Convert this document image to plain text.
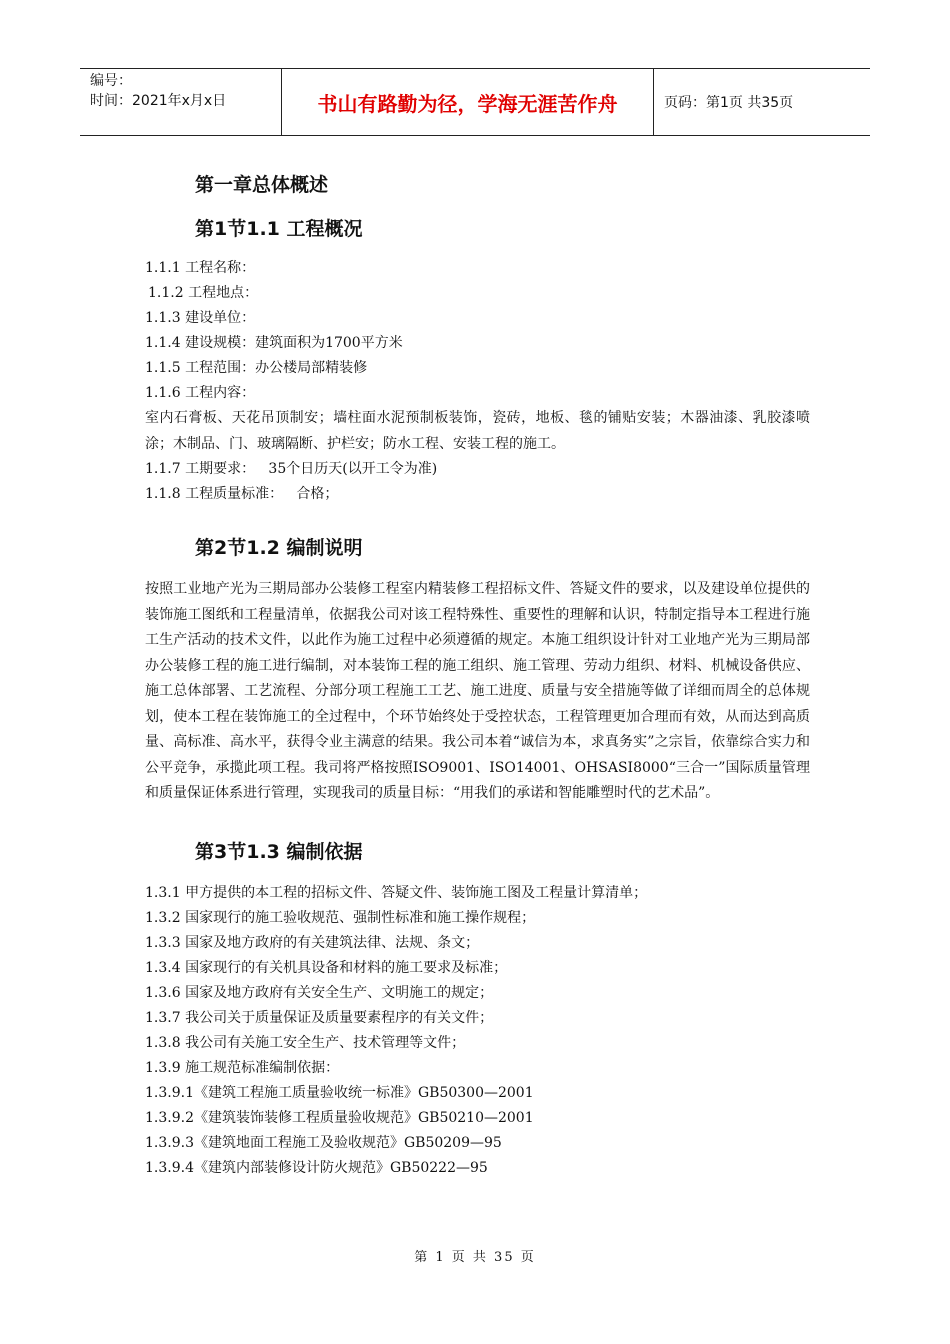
编号：
时间：2021年x月x日	书山有路勤为径，学海无涯苦作舟	页码：第1页 共35页
第一章总体概述
第1节1.1 工程概况
1.1.1 工程名称：
1.1.2 工程地点：
1.1.3 建设单位：
1.1.4 建设规模：建筑面积为1700平方米
1.1.5 工程范围：办公楼局部精装修
1.1.6 工程内容：
室内石膏板、天花吊顶制安；墙柱面水泥预制板装饰，瓷砖，地板、毯的铺贴安装；木器油漆、乳胶漆喷涂；木制品、门、玻璃隔断、护栏安；防水工程、安装工程的施工。
1.1.7 工期要求：   35个日历天(以开工令为准)
1.1.8 工程质量标准：   合格；
第2节1.2 编制说明
按照工业地产光为三期局部办公装修工程室内精装修工程招标文件、答疑文件的要求，以及建设单位提供的装饰施工图纸和工程量清单，依据我公司对该工程特殊性、重要性的理解和认识，特制定指导本工程进行施工生产活动的技术文件，以此作为施工过程中必须遵循的规定。本施工组织设计针对工业地产光为三期局部办公装修工程的施工进行编制，对本装饰工程的施工组织、施工管理、劳动力组织、材料、机械设备供应、施工总体部署、工艺流程、分部分项工程施工工艺、施工进度、质量与安全措施等做了详细而周全的总体规划，使本工程在装饰施工的全过程中，个环节始终处于受控状态，工程管理更加合理而有效，从而达到高质量、高标准、高水平，获得令业主满意的结果。我公司本着“诚信为本，求真务实”之宗旨，依靠综合实力和公平竞争，承揽此项工程。我司将严格按照ISO9001、ISO14001、OHSASI8000“三合一”国际质量管理和质量保证体系进行管理，实现我司的质量目标：“用我们的承诺和智能雕塑时代的艺术品”。
第3节1.3 编制依据
1.3.1 甲方提供的本工程的招标文件、答疑文件、装饰施工图及工程量计算清单；
1.3.2 国家现行的施工验收规范、强制性标准和施工操作规程；
1.3.3 国家及地方政府的有关建筑法律、法规、条文；
1.3.4 国家现行的有关机具设备和材料的施工要求及标准；
1.3.6 国家及地方政府有关安全生产、文明施工的规定；
1.3.7 我公司关于质量保证及质量要素程序的有关文件；
1.3.8 我公司有关施工安全生产、技术管理等文件；
1.3.9 施工规范标准编制依据：
1.3.9.1《建筑工程施工质量验收统一标准》GB50300—2001
1.3.9.2《建筑装饰装修工程质量验收规范》GB50210—2001
1.3.9.3《建筑地面工程施工及验收规范》GB50209—95
1.3.9.4《建筑内部装修设计防火规范》GB50222—95
第 1 页 共 35 页
